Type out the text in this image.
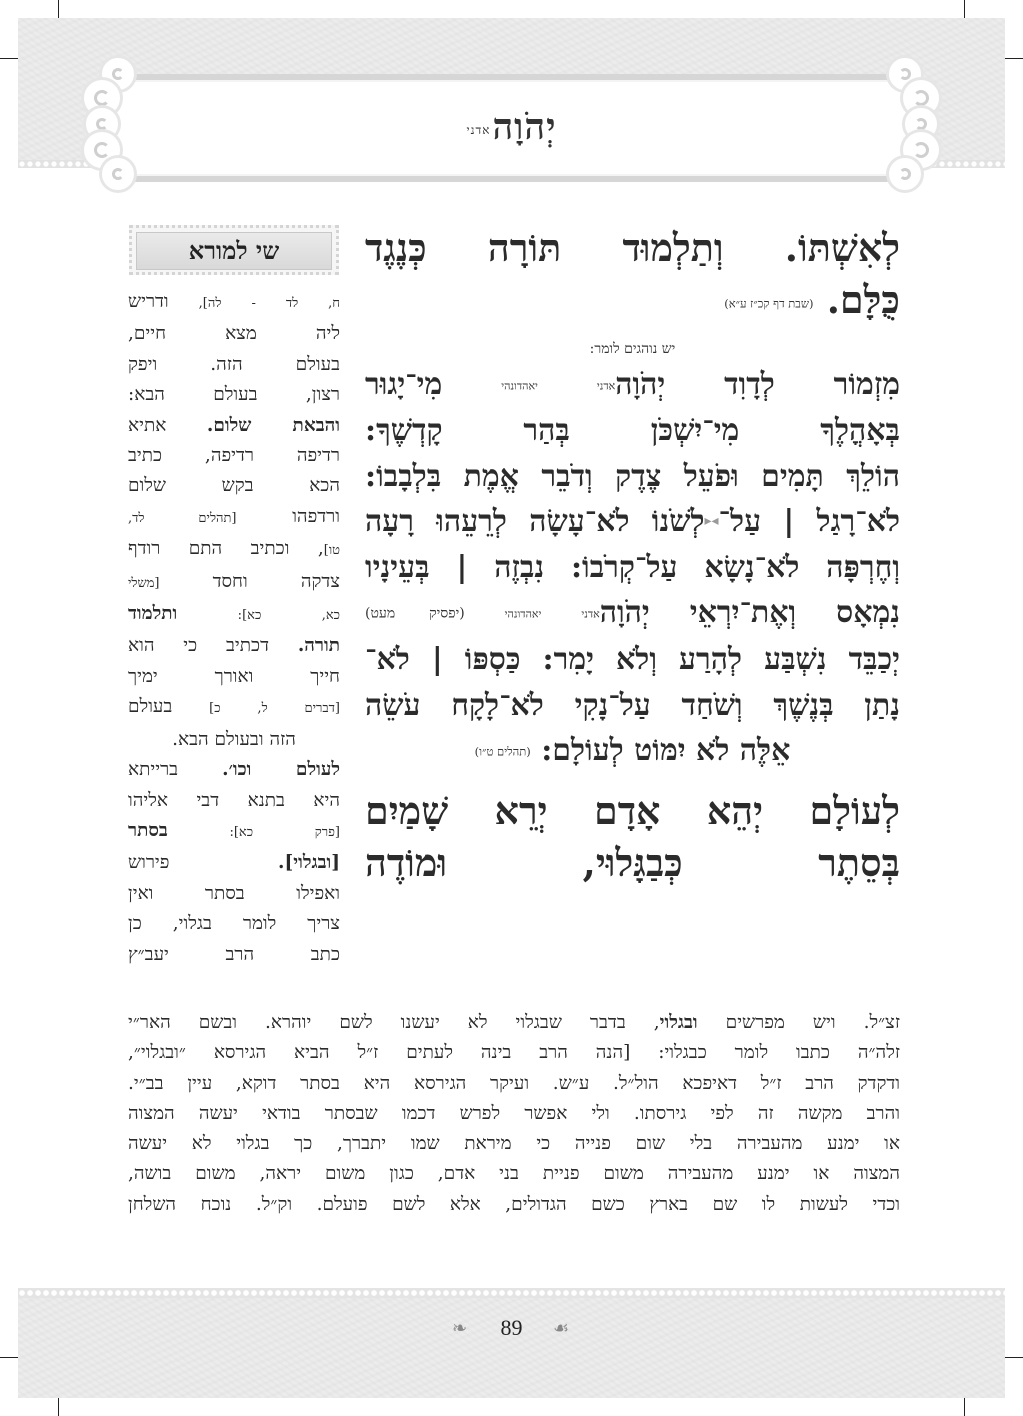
יְהֹוָהאדני
שי למורא
ח, לד - לה], ודריש
ליה מצא חיים,
בעולם הזה. ויפק
רצון, בעולם הבא:
והבאת שלום. אתיא
רדיפה רדיפה, כתיב
הכא בקש שלום
ורדפהו [תהלים לד,
טו], וכתיב התם רודף
צדקה וחסד [משלי
כא, כא]: ותלמוד
תורה. דכתיב כי הוא
חייך ואורך ימיך
[דברים ל, כ] בעולם
הזה ובעולם הבא.
לעולם וכו׳. ברייתא
היא בתנא דבי אליהו
[פרק כא]: בסתר
[ובגלוי]. פירוש
ואפילו בסתר ואין
צריך לומר בגלוי, כן
כתב הרב יעב״ץ
לְאִשְׁתּוֹ. וְתַלְמוּד תּוֹרָה כְּנֶגֶד
כֻּלָּם. (שבת דף קכ״ז ע״א)
יש נוהגים לומר:
מִזְמוֹר לְדָוִד יְהֹוָהאדני יאהדונהי מִי־יָגוּר
בְּאָהֳלֶךָ מִי־יִשְׁכֹּן בְּהַר קָדְשֶׁךָ:
הוֹלֵךְ תָּמִים וּפֹעֵל צֶדֶק וְדֹבֵר אֱמֶת בִּלְבָבוֹ:
לֹא־רָגַל | עַל־◂▸לְשֹׁנוֹ לֹא־עָשָׂה לְרֵעֵהוּ רָעָה
וְחֶרְפָּה לֹא־נָשָׂא עַל־קְרֹבוֹ: נִבְזֶה | בְּעֵינָיו
נִמְאָס וְאֶת־יִרְאֵי יְהֹוָהאדני יאהדונהי (יפסיק מעט)
יְכַבֵּד נִשְׁבַּע לְהָרַע וְלֹא יָמִר: כַּסְפּוֹ | לֹא־
נָתַן בְּנֶשֶׁךְ וְשֹׁחַד עַל־נָקִי לֹא־לָקָח עֹשֵׂה
אֵלֶּה לֹא יִמּוֹט לְעוֹלָם: (תהלים ט״ו)
לְעוֹלָם יְהֵא אָדָם יְרֵא שָׁמַיִם
בְּסֵתֶר כְּבַגָּלוּי, וּמוֹדֶה
זצ״ל. ויש מפרשים ובגלוי, בדבר שבגלוי לא יעשנו לשם יוהרא. ובשם האר״י
זלה״ה כתבו לומר כבגלוי: [הנה הרב בינה לעתים ז״ל הביא הגירסא ״ובגלוי״,
ודקדק הרב ז״ל דאיפכא הול״ל. ע״ש. ועיקר הגירסא היא בסתר דוקא, עיין בב״י.
והרב מקשה זה לפי גירסתו. ולי אפשר לפרש דכמו שבסתר בודאי יעשה המצוה
או ימנע מהעבירה בלי שום פנייה כי מיראת שמו יתברך, כך בגלוי לא יעשה
המצוה או ימנע מהעבירה משום פניית בני אדם, כגון משום יראה, משום בושה,
וכדי לעשות לו שם בארץ כשם הגדולים, אלא לשם פועלם. וק״ל. נוכח השלחן
❧	89	☙
